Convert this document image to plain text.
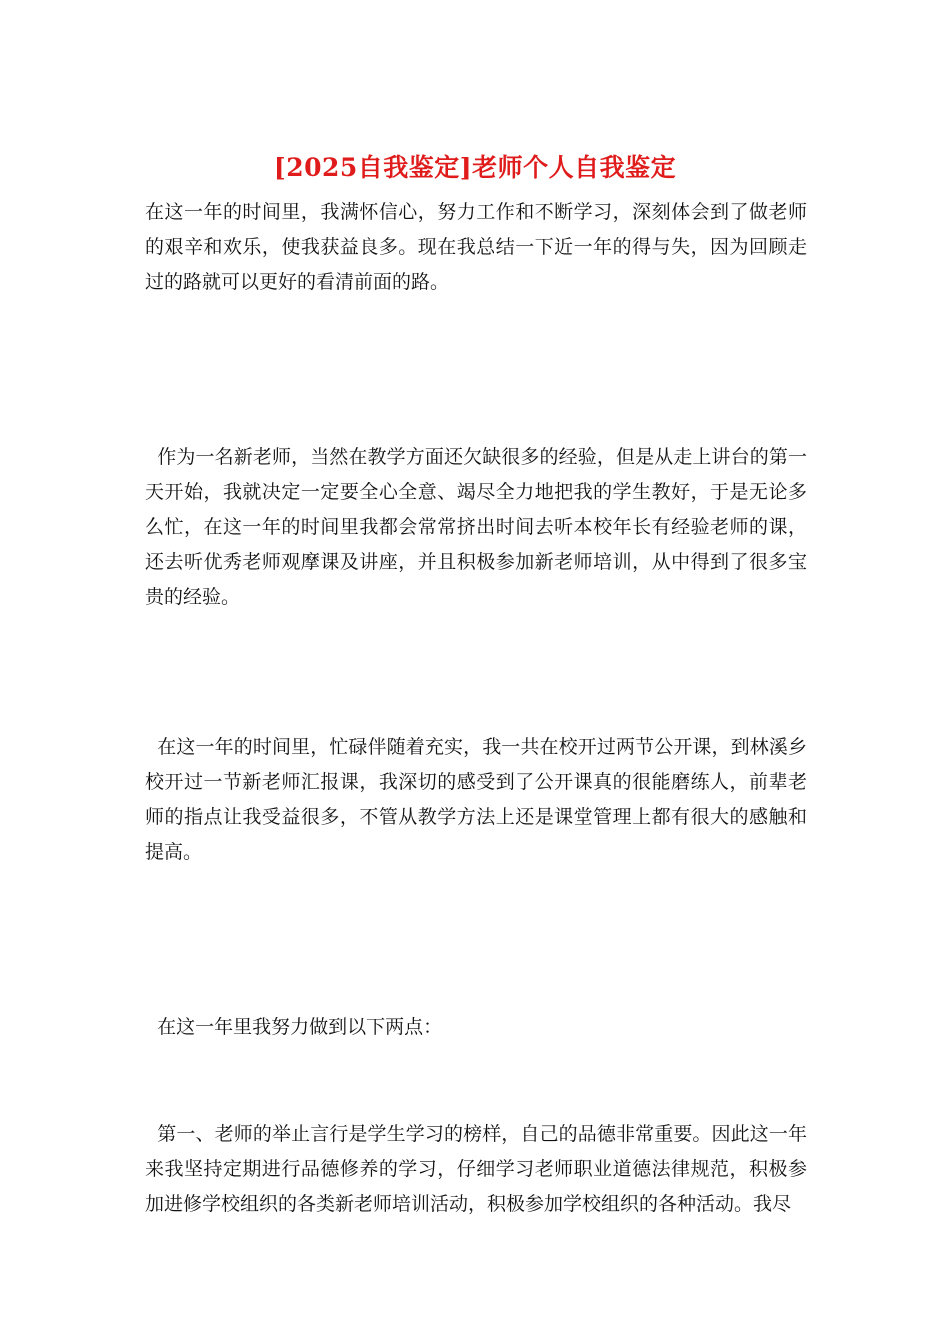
[2025自我鉴定]老师个人自我鉴定

在这一年的时间里，我满怀信心，努力工作和不断学习，深刻体会到了做老师的艰辛和欢乐，使我获益良多。现在我总结一下近一年的得与失，因为回顾走过的路就可以更好的看清前面的路。

作为一名新老师，当然在教学方面还欠缺很多的经验，但是从走上讲台的第一天开始，我就决定一定要全心全意、竭尽全力地把我的学生教好，于是无论多么忙，在这一年的时间里我都会常常挤出时间去听本校年长有经验老师的课，还去听优秀老师观摩课及讲座，并且积极参加新老师培训，从中得到了很多宝贵的经验。

在这一年的时间里，忙碌伴随着充实，我一共在校开过两节公开课，到林溪乡校开过一节新老师汇报课，我深切的感受到了公开课真的很能磨练人，前辈老师的指点让我受益很多，不管从教学方法上还是课堂管理上都有很大的感触和提高。

在这一年里我努力做到以下两点：

第一、老师的举止言行是学生学习的榜样，自己的品德非常重要。因此这一年来我坚持定期进行品德修养的学习，仔细学习老师职业道德法律规范，积极参加进修学校组织的各类新老师培训活动，积极参加学校组织的各种活动。我尽
